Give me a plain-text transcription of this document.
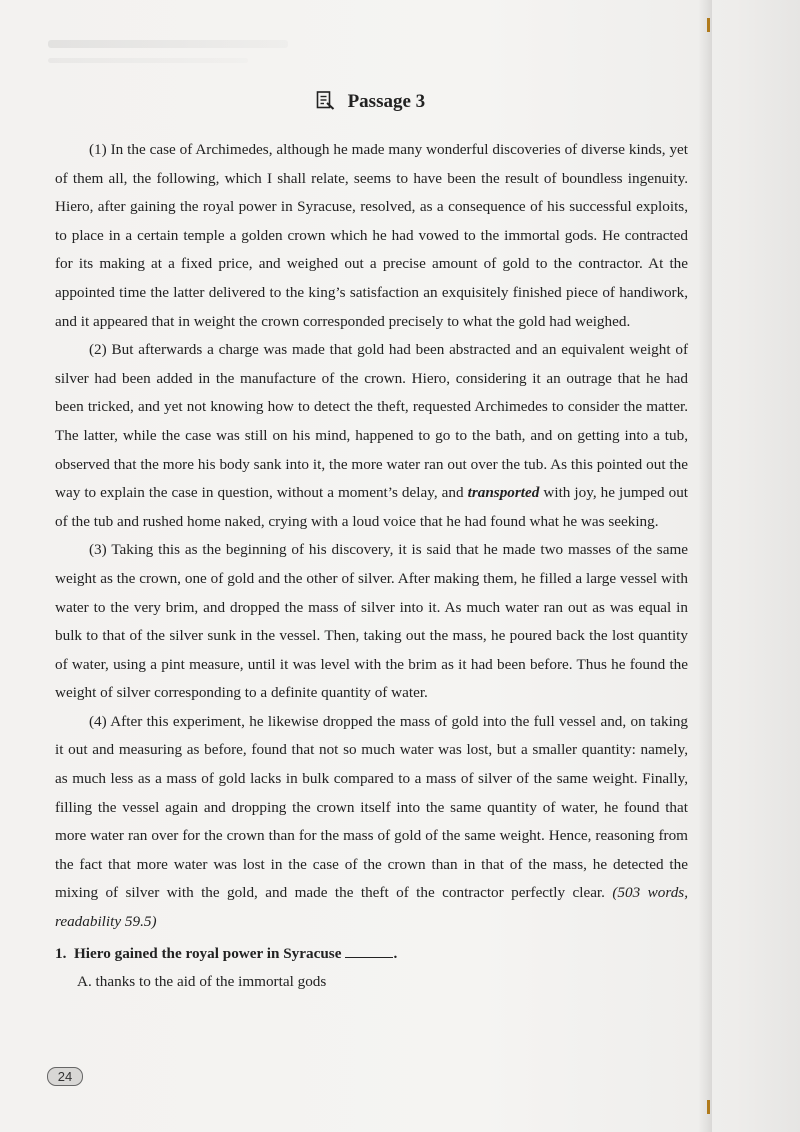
Passage 3

(1) In the case of Archimedes, although he made many wonderful discoveries of diverse kinds, yet of them all, the following, which I shall relate, seems to have been the result of boundless ingenuity. Hiero, after gaining the royal power in Syracuse, resolved, as a consequence of his successful exploits, to place in a certain temple a golden crown which he had vowed to the immortal gods. He contracted for its making at a fixed price, and weighed out a precise amount of gold to the contractor. At the appointed time the latter delivered to the king’s satisfaction an exquisitely finished piece of handiwork, and it appeared that in weight the crown corresponded precisely to what the gold had weighed.

(2) But afterwards a charge was made that gold had been abstracted and an equivalent weight of silver had been added in the manufacture of the crown. Hiero, considering it an outrage that he had been tricked, and yet not knowing how to detect the theft, requested Archimedes to consider the matter. The latter, while the case was still on his mind, happened to go to the bath, and on getting into a tub, observed that the more his body sank into it, the more water ran out over the tub. As this pointed out the way to explain the case in question, without a moment’s delay, and transported with joy, he jumped out of the tub and rushed home naked, crying with a loud voice that he had found what he was seeking.

(3) Taking this as the beginning of his discovery, it is said that he made two masses of the same weight as the crown, one of gold and the other of silver. After making them, he filled a large vessel with water to the very brim, and dropped the mass of silver into it. As much water ran out as was equal in bulk to that of the silver sunk in the vessel. Then, taking out the mass, he poured back the lost quantity of water, using a pint measure, until it was level with the brim as it had been before. Thus he found the weight of silver corresponding to a definite quantity of water.

(4) After this experiment, he likewise dropped the mass of gold into the full vessel and, on taking it out and measuring as before, found that not so much water was lost, but a smaller quantity: namely, as much less as a mass of gold lacks in bulk compared to a mass of silver of the same weight. Finally, filling the vessel again and dropping the crown itself into the same quantity of water, he found that more water ran over for the crown than for the mass of gold of the same weight. Hence, reasoning from the fact that more water was lost in the case of the crown than in that of the mass, he detected the mixing of silver with the gold, and made the theft of the contractor perfectly clear. (503 words, readability 59.5)

1. Hiero gained the royal power in Syracuse	.

A. thanks to the aid of the immortal gods

24
